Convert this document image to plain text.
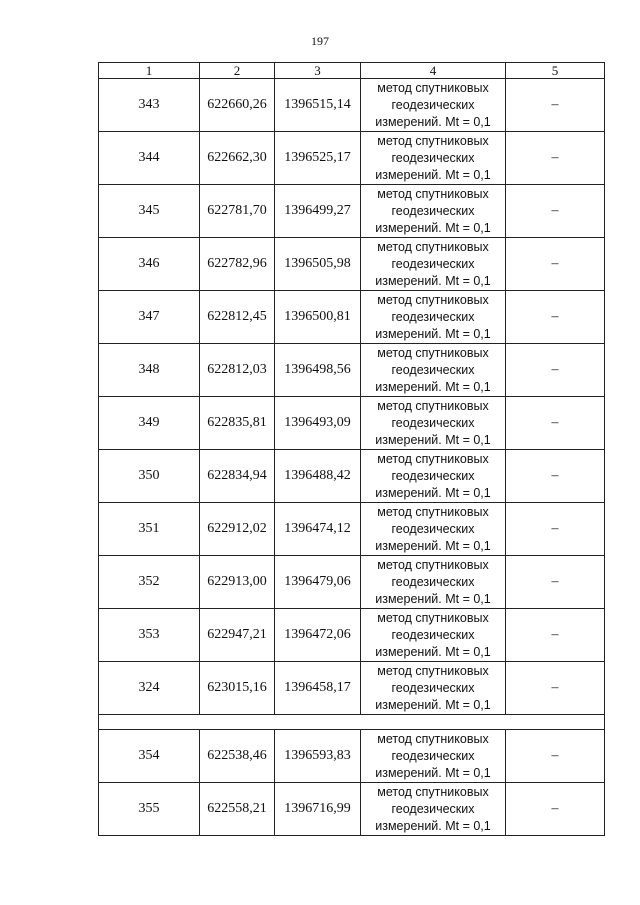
197
1	2	3	4	5
343	622660,26	1396515,14	метод спутниковых
геодезических
измерений. Mt = 0,1	–
344	622662,30	1396525,17	метод спутниковых
геодезических
измерений. Mt = 0,1	–
345	622781,70	1396499,27	метод спутниковых
геодезических
измерений. Mt = 0,1	–
346	622782,96	1396505,98	метод спутниковых
геодезических
измерений. Mt = 0,1	–
347	622812,45	1396500,81	метод спутниковых
геодезических
измерений. Mt = 0,1	–
348	622812,03	1396498,56	метод спутниковых
геодезических
измерений. Mt = 0,1	–
349	622835,81	1396493,09	метод спутниковых
геодезических
измерений. Mt = 0,1	–
350	622834,94	1396488,42	метод спутниковых
геодезических
измерений. Mt = 0,1	–
351	622912,02	1396474,12	метод спутниковых
геодезических
измерений. Mt = 0,1	–
352	622913,00	1396479,06	метод спутниковых
геодезических
измерений. Mt = 0,1	–
353	622947,21	1396472,06	метод спутниковых
геодезических
измерений. Mt = 0,1	–
324	623015,16	1396458,17	метод спутниковых
геодезических
измерений. Mt = 0,1	–

354	622538,46	1396593,83	метод спутниковых
геодезических
измерений. Mt = 0,1	–
355	622558,21	1396716,99	метод спутниковых
геодезических
измерений. Mt = 0,1	–
